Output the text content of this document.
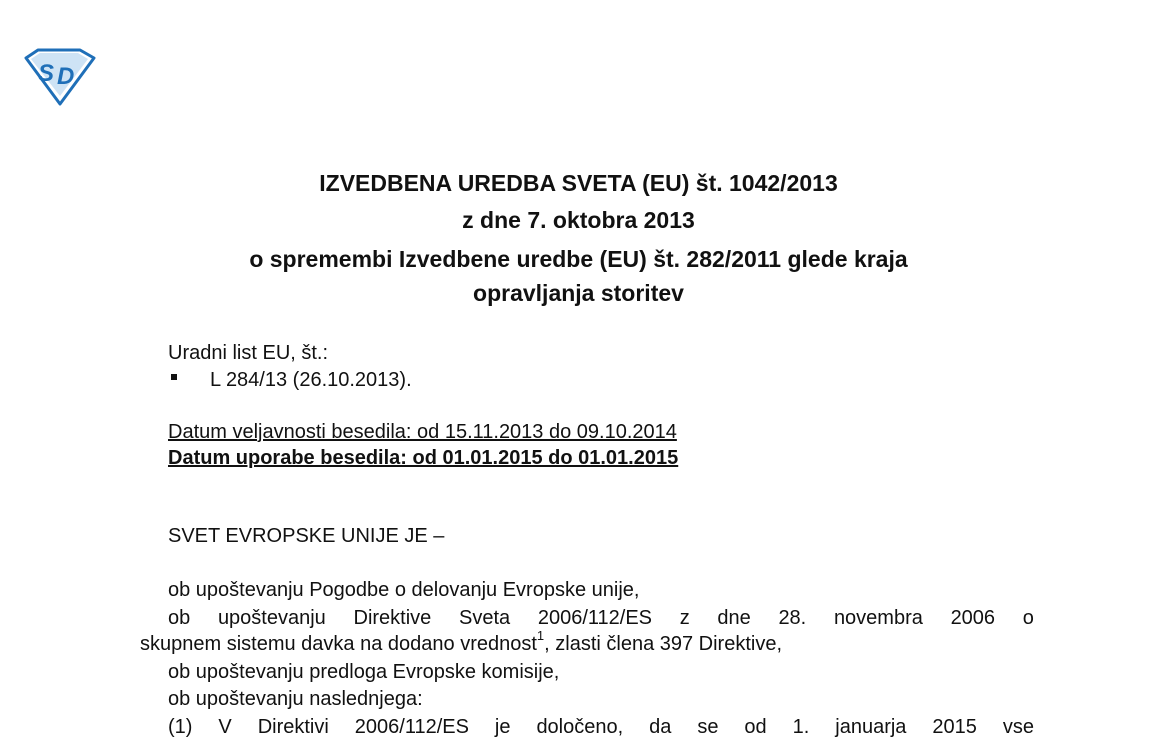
S D
IZVEDBENA UREDBA SVETA (EU) št. 1042/2013
z dne 7. oktobra 2013
o spremembi Izvedbene uredbe (EU) št. 282/2011 glede kraja
opravljanja storitev
Uradni list EU, št.:
L 284/13 (26.10.2013).
Datum veljavnosti besedila: od 15.11.2013 do 09.10.2014
Datum uporabe besedila: od 01.01.2015 do 01.01.2015
SVET EVROPSKE UNIJE JE –
ob upoštevanju Pogodbe o delovanju Evropske unije,
ob upoštevanju Direktive Sveta 2006/112/ES z dne 28. novembra 2006 o
skupnem sistemu davka na dodano vrednost$^1$, zlasti člena 397 Direktive,
ob upoštevanju predloga Evropske komisije,
ob upoštevanju naslednjega:
(1) V Direktivi 2006/112/ES je določeno, da se od 1. januarja 2015 vse
